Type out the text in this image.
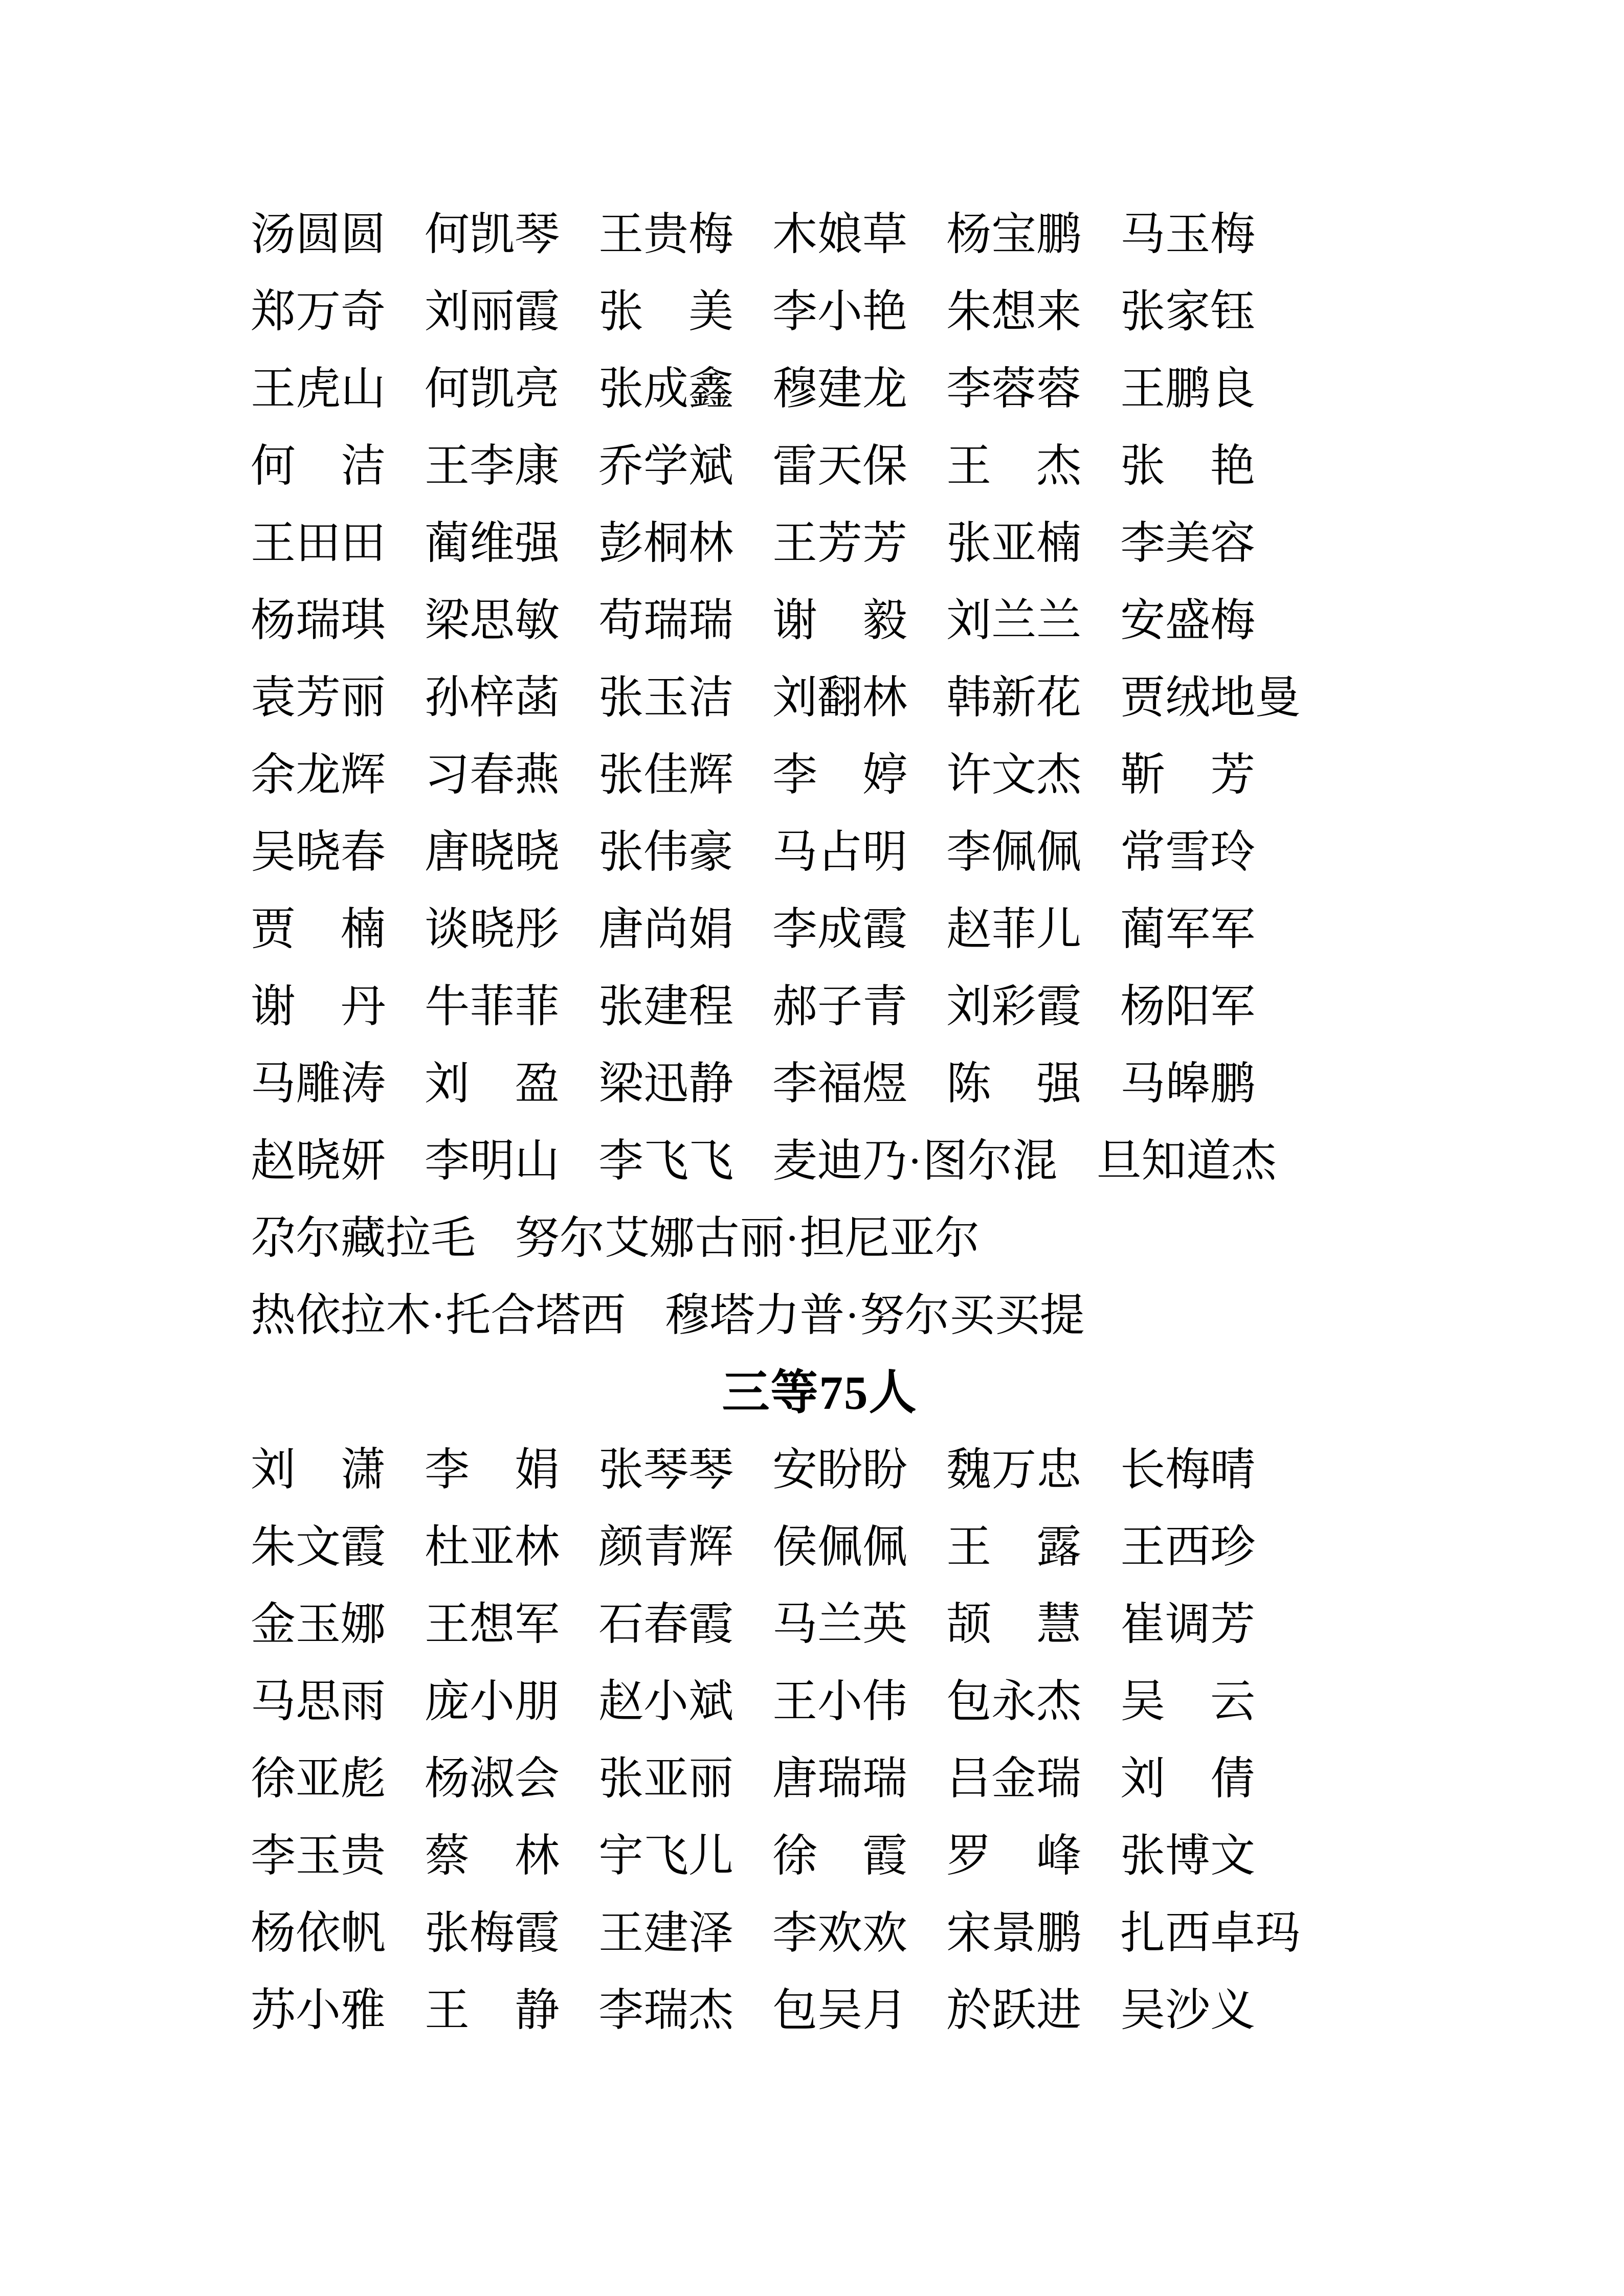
汤圆圆 何凯琴 王贵梅 木娘草 杨宝鹏 马玉梅
郑万奇 刘丽霞 张　美 李小艳 朱想来 张家钰
王虎山 何凯亮 张成鑫 穆建龙 李蓉蓉 王鹏良
何　洁 王李康 乔学斌 雷天保 王　杰 张　艳
王田田 蔺维强 彭桐林 王芳芳 张亚楠 李美容
杨瑞琪 梁思敏 苟瑞瑞 谢　毅 刘兰兰 安盛梅
袁芳丽 孙梓菡 张玉洁 刘翻林 韩新花 贾绒地曼
余龙辉 习春燕 张佳辉 李　婷 许文杰 靳　芳
吴晓春 唐晓晓 张伟豪 马占明 李佩佩 常雪玲
贾　楠 谈晓彤 唐尚娟 李成霞 赵菲儿 蔺军军
谢　丹 牛菲菲 张建程 郝子青 刘彩霞 杨阳军
马雕涛 刘　盈 梁迅静 李福煜 陈　强 马皞鹏
赵晓妍 李明山 李飞飞 麦迪乃·图尔混 旦知道杰
尕尔藏拉毛 努尔艾娜古丽·担尼亚尔
热依拉木·托合塔西 穆塔力普·努尔买买提
三等75人
刘　潇 李　娟 张琴琴 安盼盼 魏万忠 长梅晴
朱文霞 杜亚林 颜青辉 侯佩佩 王　露 王西珍
金玉娜 王想军 石春霞 马兰英 颉　慧 崔调芳
马思雨 庞小朋 赵小斌 王小伟 包永杰 吴　云
徐亚彪 杨淑会 张亚丽 唐瑞瑞 吕金瑞 刘　倩
李玉贵 蔡　林 宇飞儿 徐　霞 罗　峰 张博文
杨依帆 张梅霞 王建泽 李欢欢 宋景鹏 扎西卓玛
苏小雅 王　静 李瑞杰 包吴月 於跃进 吴沙义
